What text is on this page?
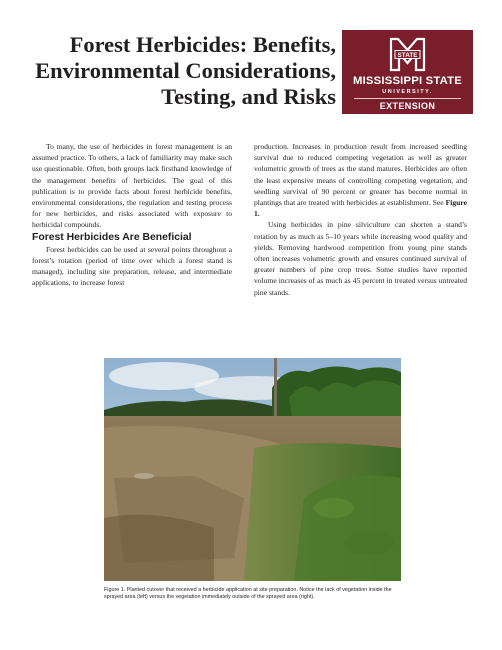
Forest Herbicides: Benefits,
Environmental Considerations,
Testing, and Risks
STATE
MISSISSIPPI STATE
UNIVERSITY.
EXTENSION

To many, the use of herbicides in forest management is an assumed practice. To others, a lack of familiarity may make such use questionable. Often, both groups lack firsthand knowledge of the management benefits of herbicides. The goal of this publication is to provide facts about forest herbicide benefits, environmental considerations, the regulation and testing process for new herbicides, and risks associated with exposure to herbicidal compounds.

Forest Herbicides Are Beneficial

Forest herbicides can be used at several points throughout a forest’s rotation (period of time over which a forest stand is managed), including site preparation, release, and intermediate applications, to increase forest

production. Increases in production result from increased seedling survival due to reduced competing vegetation as well as greater volumetric growth of trees as the stand matures. Herbicides are often the least expensive means of controlling competing vegetation, and seedling survival of 90 percent or greater has become normal in plantings that are treated with herbicides at establishment. See Figure 1.

Using herbicides in pine silviculture can shorten a stand’s rotation by as much as 5–10 years while increasing wood quality and yields. Removing hardwood competition from young pine stands often increases volumetric growth and ensures continued survival of greater numbers of pine crop trees. Some studies have reported volume increases of as much as 45 percent in treated versus untreated pine stands.

Figure 1. Planted cutover that received a herbicide application at site preparation. Notice the lack of vegetation inside the sprayed area (left) versus the vegetation immediately outside of the sprayed area (right).
